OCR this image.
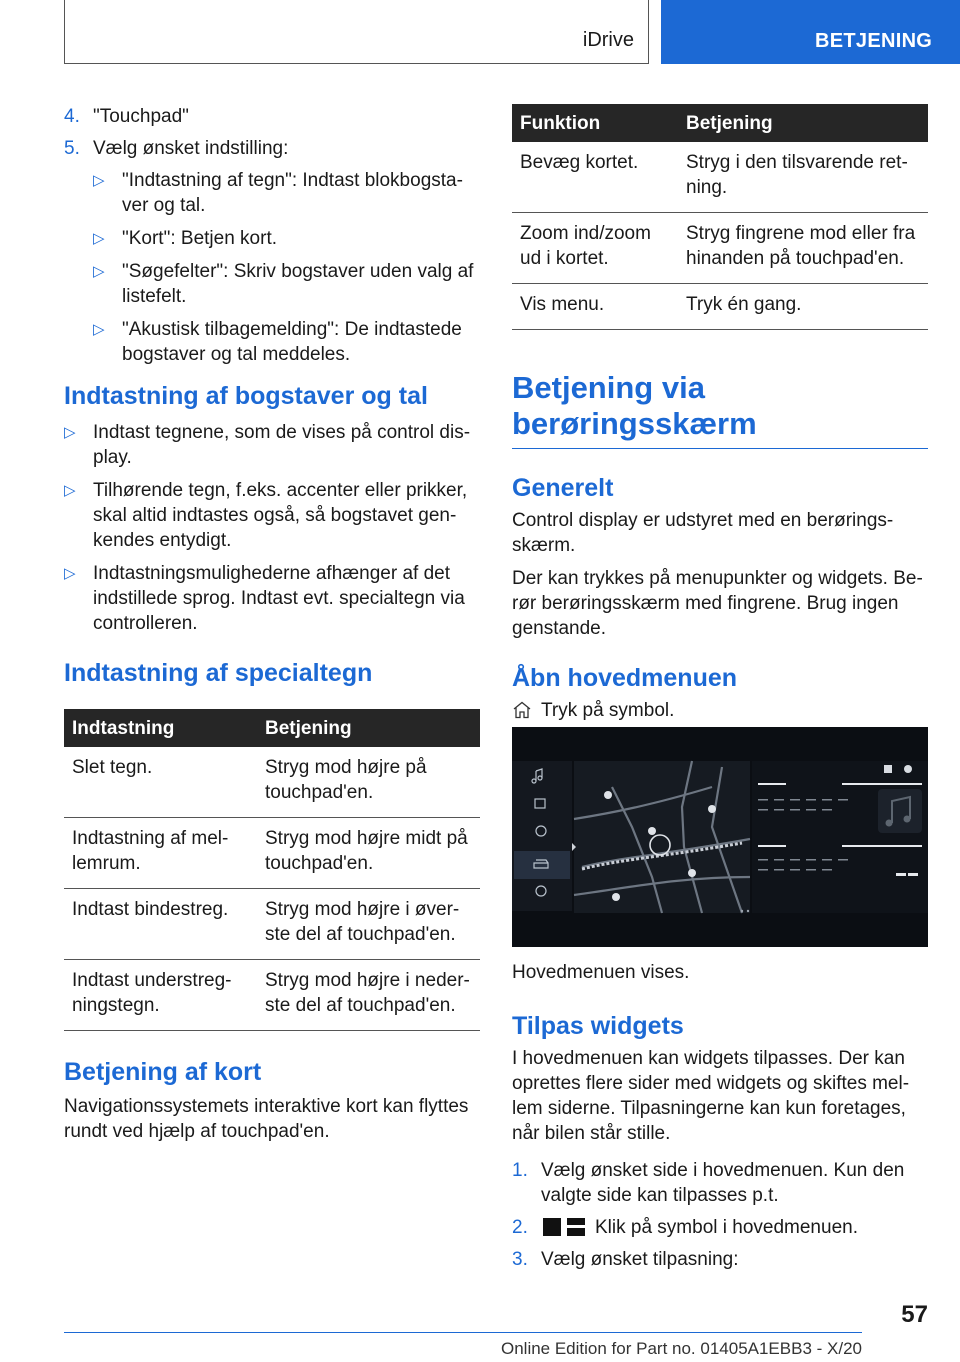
iDrive	BETJENING
4. "Touchpad"
5. Vælg ønsket indstilling:
▷ "Indtastning af tegn": Indtast blokbogsta‐ver og tal.
▷ "Kort": Betjen kort.
▷ "Søgefelter": Skriv bogstaver uden valg af listefelt.
▷ "Akustisk tilbagemelding": De indtastede bogstaver og tal meddeles.
Indtastning af bogstaver og tal
▷ Indtast tegnene, som de vises på control dis‐play.
▷ Tilhørende tegn, f.eks. accenter eller prikker, skal altid indtastes også, så bogstavet gen‐kendes entydigt.
▷ Indtastningsmulighederne afhænger af det indstillede sprog. Indtast evt. specialtegn via controlleren.
Indtastning af specialtegn
Indtastning	Betjening
Slet tegn.	Stryg mod højre på touchpad'en.
Indtastning af mel‐lemrum.	Stryg mod højre midt på touchpad'en.
Indtast bindestreg.	Stryg mod højre i øver‐ste del af touchpad'en.
Indtast understreg‐ningstegn.	Stryg mod højre i neder‐ste del af touchpad'en.
Betjening af kort

Navigationssystemets interaktive kort kan flyttes rundt ved hjælp af touchpad'en.

Funktion	Betjening
Bevæg kortet.	Stryg i den tilsvarende ret‐ning.
Zoom ind/zoom ud i kortet.	Stryg fingrene mod eller fra hinanden på touchpad'en.
Vis menu.	Tryk én gang.
Betjening via berøringsskærm
Generelt

Control display er udstyret med en berørings‐skærm.

Der kan trykkes på menupunkter og widgets. Be‐rør berøringsskærm med fingrene. Brug ingen genstande.

Åbn hovedmenuen
Tryk på symbol.

Hovedmenuen vises.

Tilpas widgets

I hovedmenuen kan widgets tilpasses. Der kan oprettes flere sider med widgets og skiftes mel‐lem siderne. Tilpasningerne kan kun foretages, når bilen står stille.

1. Vælg ønsket side i hovedmenuen. Kun den valgte side kan tilpasses p.t.
2.	Klik på symbol i hovedmenuen.
3. Vælg ønsket tilpasning:
57
Online Edition for Part no. 01405A1EBB3 - X/20
